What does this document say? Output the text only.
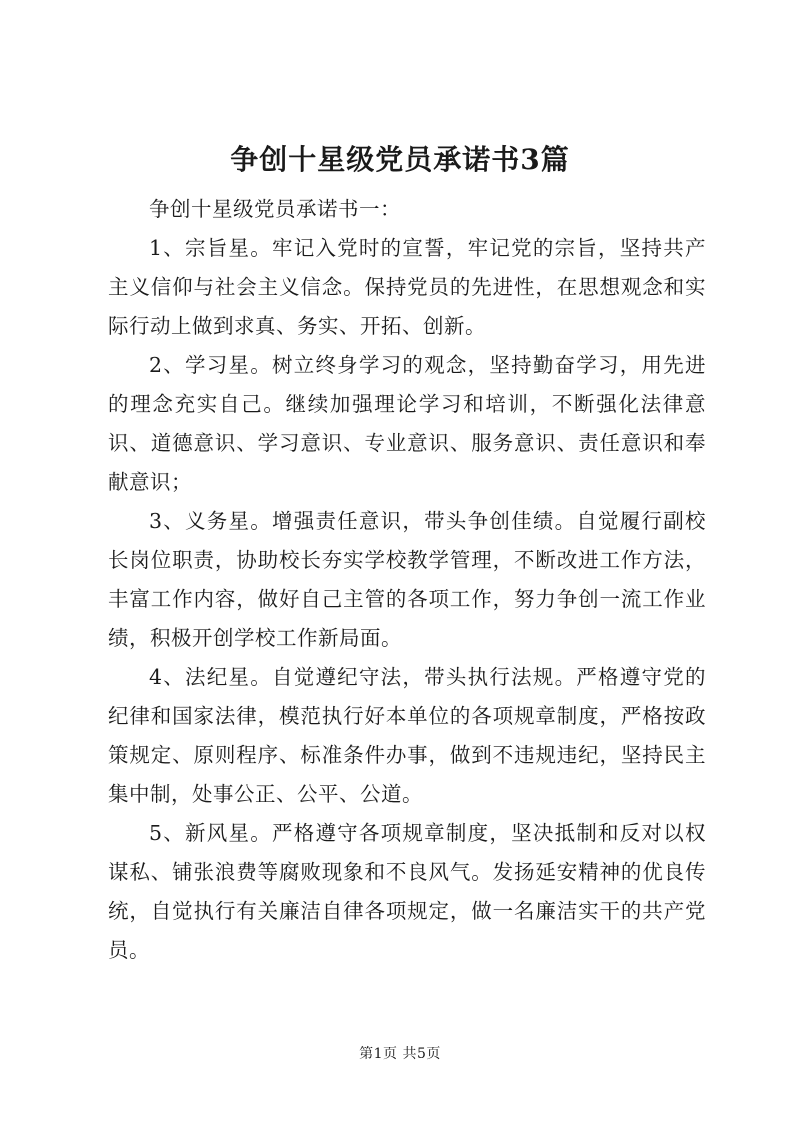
争创十星级党员承诺书3篇

争创十星级党员承诺书一：

1、宗旨星。牢记入党时的宣誓，牢记党的宗旨，坚持共产主义信仰与社会主义信念。保持党员的先进性，在思想观念和实际行动上做到求真、务实、开拓、创新。

2、学习星。树立终身学习的观念，坚持勤奋学习，用先进的理念充实自己。继续加强理论学习和培训，不断强化法律意识、道德意识、学习意识、专业意识、服务意识、责任意识和奉献意识；

3、义务星。增强责任意识，带头争创佳绩。自觉履行副校长岗位职责，协助校长夯实学校教学管理，不断改进工作方法，丰富工作内容，做好自己主管的各项工作，努力争创一流工作业绩，积极开创学校工作新局面。

4、法纪星。自觉遵纪守法，带头执行法规。严格遵守党的纪律和国家法律，模范执行好本单位的各项规章制度，严格按政策规定、原则程序、标准条件办事，做到不违规违纪，坚持民主集中制，处事公正、公平、公道。

5、新风星。严格遵守各项规章制度，坚决抵制和反对以权谋私、铺张浪费等腐败现象和不良风气。发扬延安精神的优良传统，自觉执行有关廉洁自律各项规定，做一名廉洁实干的共产党员。

第1页 共5页
